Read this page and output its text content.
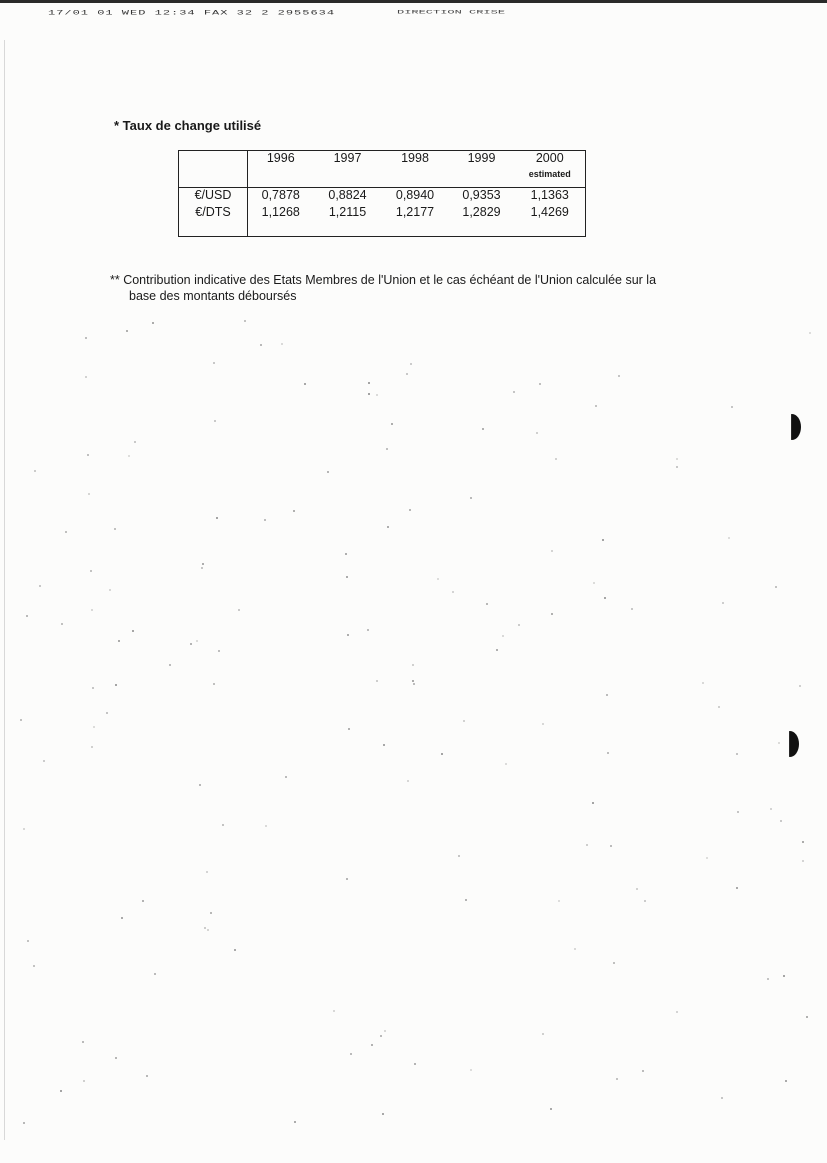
17/01 01 WED 12:34 FAX 32 2 2955634	DIRECTION CRISE
* Taux de change utilisé
	1996	1997	1998	1999	2000
estimated

€/USD	0,7878	0,8824	0,8940	0,9353	1,1363
€/DTS	1,1268	1,2115	1,2177	1,2829	1,4269

** Contribution indicative des Etats Membres de l'Union et le cas échéant de l'Union calculée sur la
base des montants déboursés
